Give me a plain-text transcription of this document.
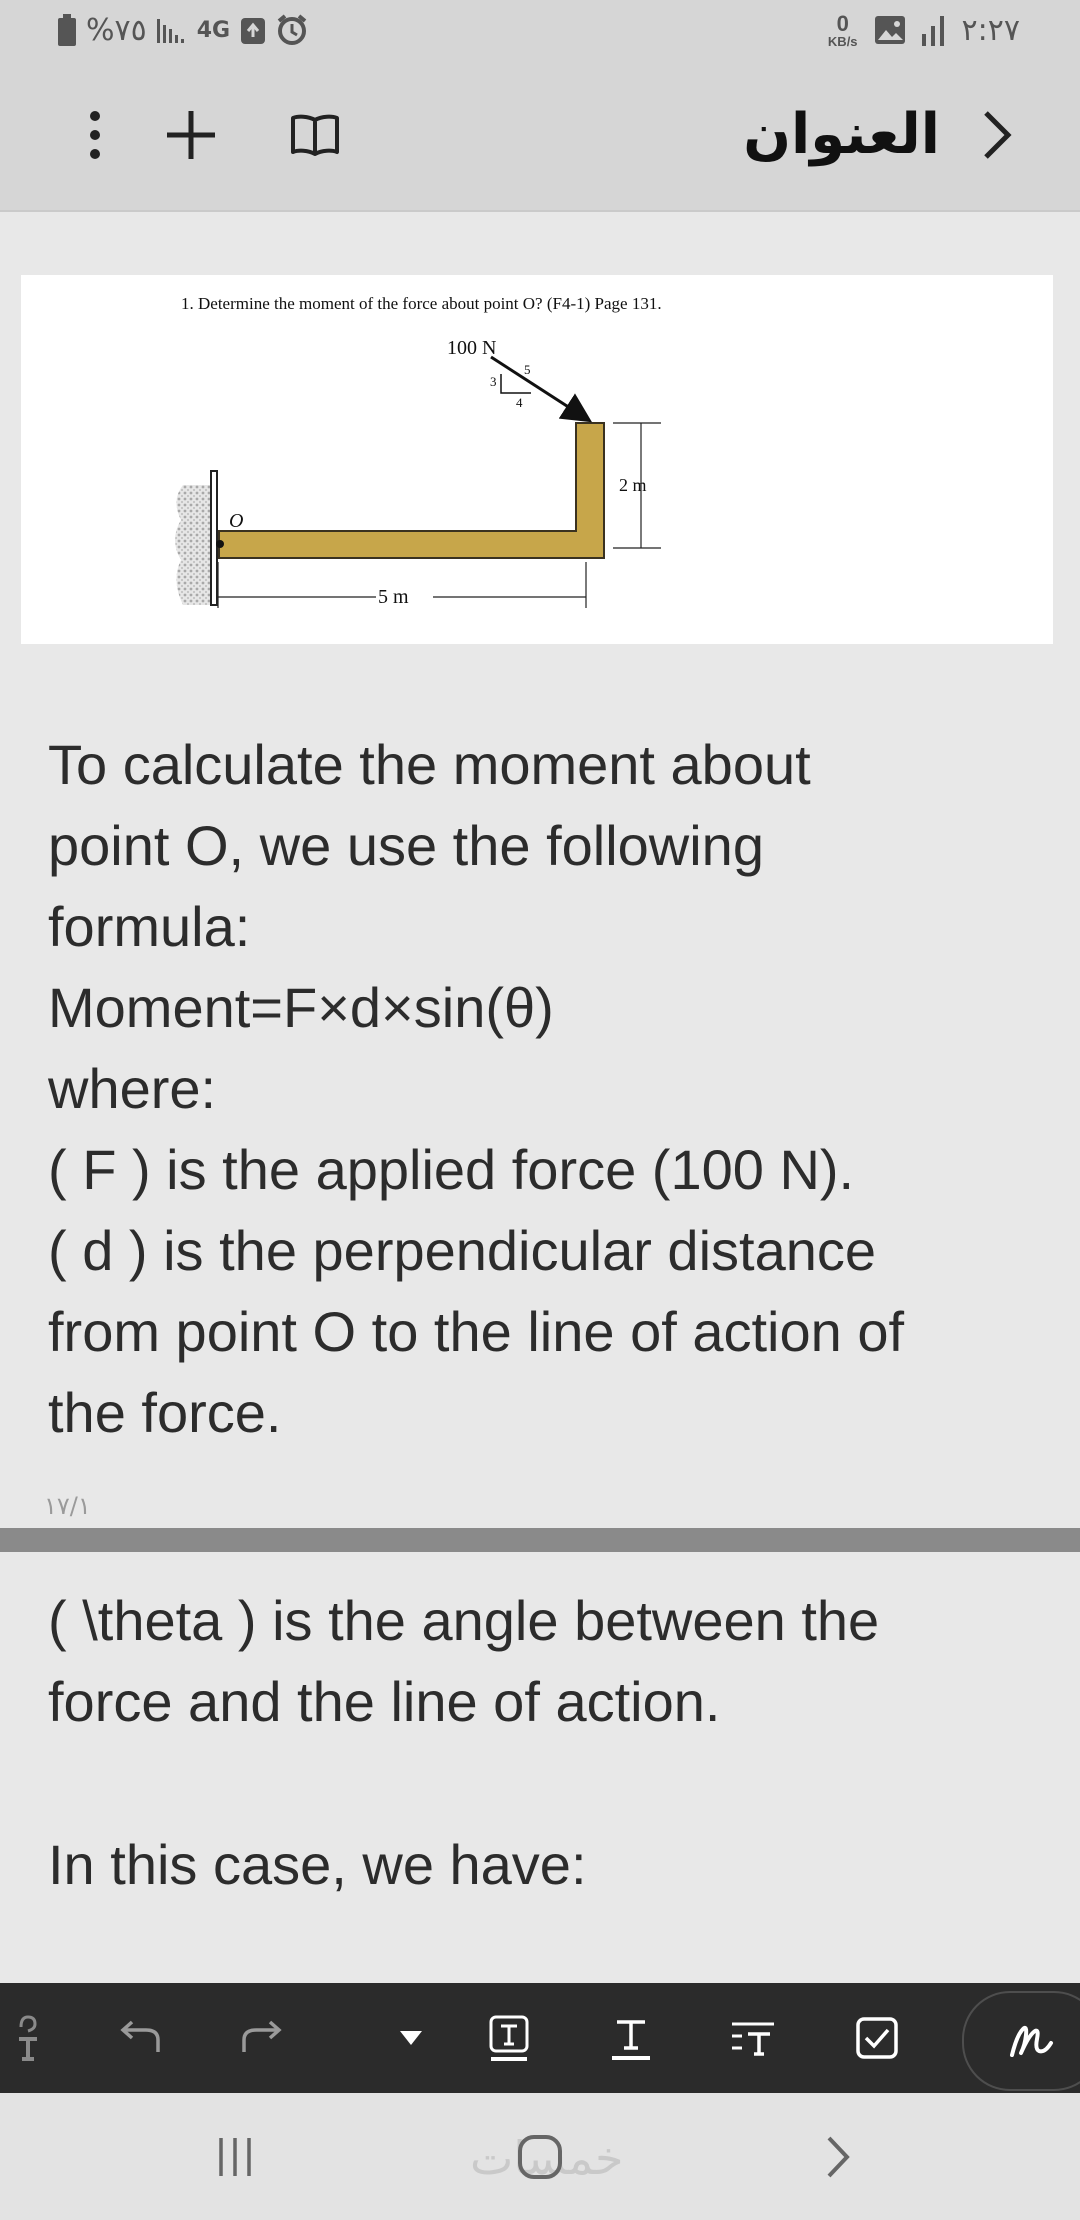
%٧٥ 4G	0
KB/s	٢:٢٧
العنوان
1. Determine the moment of the force about point O? (F4-1) Page 131.
O
100 N
3
4
5
2 m
5 m
To calculate the moment about
point O, we use the following
formula:
Moment=F×d×sin(θ)
where:
( F ) is the applied force (100 N).
( d ) is the perpendicular distance
from point O to the line of action of
the force.
١٧/١
( \theta ) is the angle between the
force and the line of action.
In this case, we have:
خمسات
